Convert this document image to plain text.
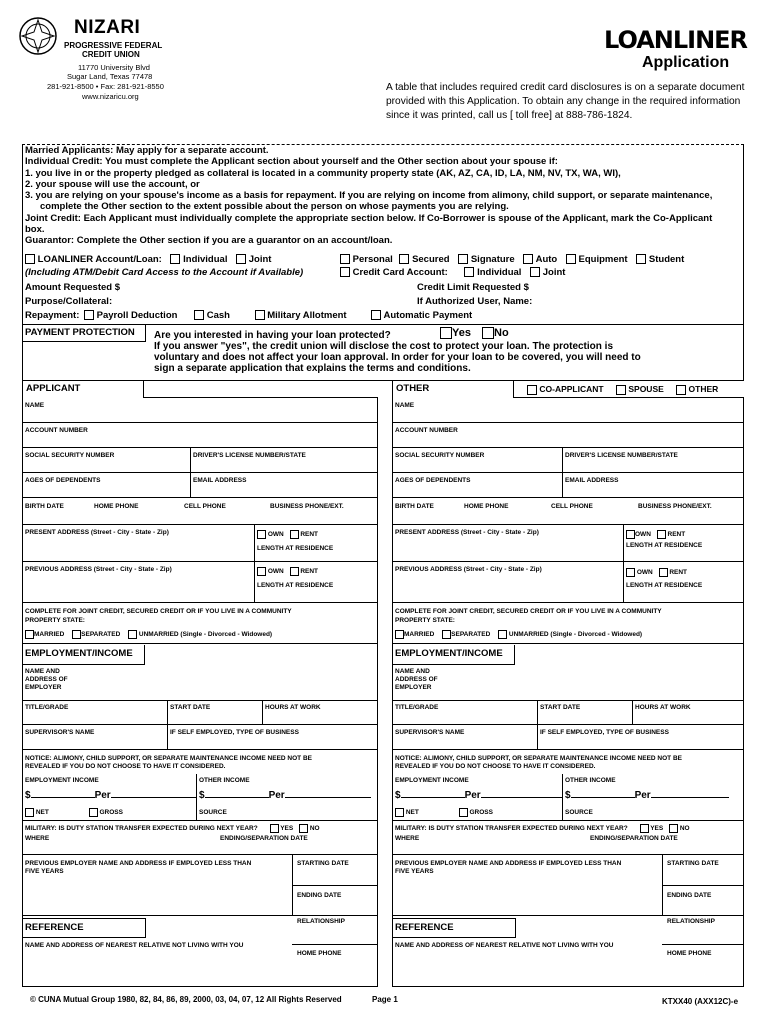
NIZARI
PROGRESSIVE FEDERAL
CREDIT UNION
11770 University Blvd
Sugar Land, Texas 77478
281-921-8500 • Fax: 281-921-8550
www.nizaricu.org
LOANLINER
Application
A table that includes required credit card disclosures is on a separate document provided with this Application. To obtain any change in the required information since it was printed, call us [ toll free] at 888-786-1824.
Married Applicants: May apply for a separate account.
Individual Credit: You must complete the Applicant section about yourself and the Other section about your spouse if:
1. you live in or the property pledged as collateral is located in a community property state (AK, AZ, CA, ID, LA, NM, NV, TX, WA, WI),
2. your spouse will use the account, or
3. you are relying on your spouse's income as a basis for repayment. If you are relying on income from alimony, child support, or separate maintenance,
complete the Other section to the extent possible about the person on whose payments you are relying.
Joint Credit: Each Applicant must individually complete the appropriate section below. If Co-Borrower is spouse of the Applicant, mark the Co-Applicant
box.
Guarantor: Complete the Other section if you are a guarantor on an account/loan.
LOANLINER Account/Loan: Individual Joint	Personal Secured Signature Auto Equipment Student
(Including ATM/Debit Card Access to the Account if Available)	Credit Card Account:	Individual Joint
Amount Requested $	Credit Limit Requested $
Purpose/Collateral:	If Authorized User, Name:
Repayment: Payroll Deduction	Cash	Military Allotment	Automatic Payment
PAYMENT PROTECTION	Are you interested in having your loan protected?	Yes No
If you answer "yes", the credit union will disclose the cost to protect your loan. The protection is
voluntary and does not affect your loan approval. In order for your loan to be covered, you will need to
sign a separate application that explains the terms and conditions.
APPLICANT	OTHER	CO-APPLICANT	SPOUSE	OTHER
NAME
ACCOUNT NUMBER
SOCIAL SECURITY NUMBER	DRIVER'S LICENSE NUMBER/STATE
AGES OF DEPENDENTS	EMAIL ADDRESS
BIRTH DATE	HOME PHONE	CELL PHONE	BUSINESS PHONE/EXT.
PRESENT ADDRESS (Street - City - State - Zip)	OWN	RENT
LENGTH AT RESIDENCE
PREVIOUS ADDRESS (Street - City - State - Zip)	OWN	RENT
LENGTH AT RESIDENCE
COMPLETE FOR JOINT CREDIT, SECURED CREDIT OR IF YOU LIVE IN A COMMUNITY
PROPERTY STATE:
MARRIED	SEPARATED	UNMARRIED (Single - Divorced - Widowed)
EMPLOYMENT/INCOME
NAME AND
ADDRESS OF
EMPLOYER
TITLE/GRADE	START DATE	HOURS AT WORK
SUPERVISOR'S NAME	IF SELF EMPLOYED, TYPE OF BUSINESS
NOTICE: ALIMONY, CHILD SUPPORT, OR SEPARATE MAINTENANCE INCOME NEED NOT BE
REVEALED IF YOU DO NOT CHOOSE TO HAVE IT CONSIDERED.
EMPLOYMENT INCOME	OTHER INCOME
$	Per	$	Per
NET	GROSS	SOURCE
MILITARY: IS DUTY STATION TRANSFER EXPECTED DURING NEXT YEAR?	YES	NO
WHERE	ENDING/SEPARATION DATE
PREVIOUS EMPLOYER NAME AND ADDRESS IF EMPLOYED LESS THAN
FIVE YEARS
STARTING DATE
ENDING DATE
RELATIONSHIP
REFERENCE
NAME AND ADDRESS OF NEAREST RELATIVE NOT LIVING WITH YOU
HOME PHONE
NAME
ACCOUNT NUMBER
SOCIAL SECURITY NUMBER	DRIVER'S LICENSE NUMBER/STATE
AGES OF DEPENDENTS	EMAIL ADDRESS
BIRTH DATE	HOME PHONE	CELL PHONE	BUSINESS PHONE/EXT.
PRESENT ADDRESS (Street - City - State - Zip)	OWN	RENT
LENGTH AT RESIDENCE
PREVIOUS ADDRESS (Street - City - State - Zip)	OWN	RENT
LENGTH AT RESIDENCE
COMPLETE FOR JOINT CREDIT, SECURED CREDIT OR IF YOU LIVE IN A COMMUNITY
PROPERTY STATE:
MARRIED	SEPARATED	UNMARRIED (Single - Divorced - Widowed)
EMPLOYMENT/INCOME
NAME AND
ADDRESS OF
EMPLOYER
TITLE/GRADE	START DATE	HOURS AT WORK
SUPERVISOR'S NAME	IF SELF EMPLOYED, TYPE OF BUSINESS
NOTICE: ALIMONY, CHILD SUPPORT, OR SEPARATE MAINTENANCE INCOME NEED NOT BE
REVEALED IF YOU DO NOT CHOOSE TO HAVE IT CONSIDERED.
EMPLOYMENT INCOME	OTHER INCOME
$	Per	$	Per
NET	GROSS	SOURCE
MILITARY: IS DUTY STATION TRANSFER EXPECTED DURING NEXT YEAR?	YES	NO
WHERE	ENDING/SEPARATION DATE
PREVIOUS EMPLOYER NAME AND ADDRESS IF EMPLOYED LESS THAN
FIVE YEARS
STARTING DATE
ENDING DATE
RELATIONSHIP
REFERENCE
NAME AND ADDRESS OF NEAREST RELATIVE NOT LIVING WITH YOU
HOME PHONE
© CUNA Mutual Group 1980, 82, 84, 86, 89, 2000, 03, 04, 07, 12 All Rights Reserved	Page 1	KTXX40 (AXX12C)-e
